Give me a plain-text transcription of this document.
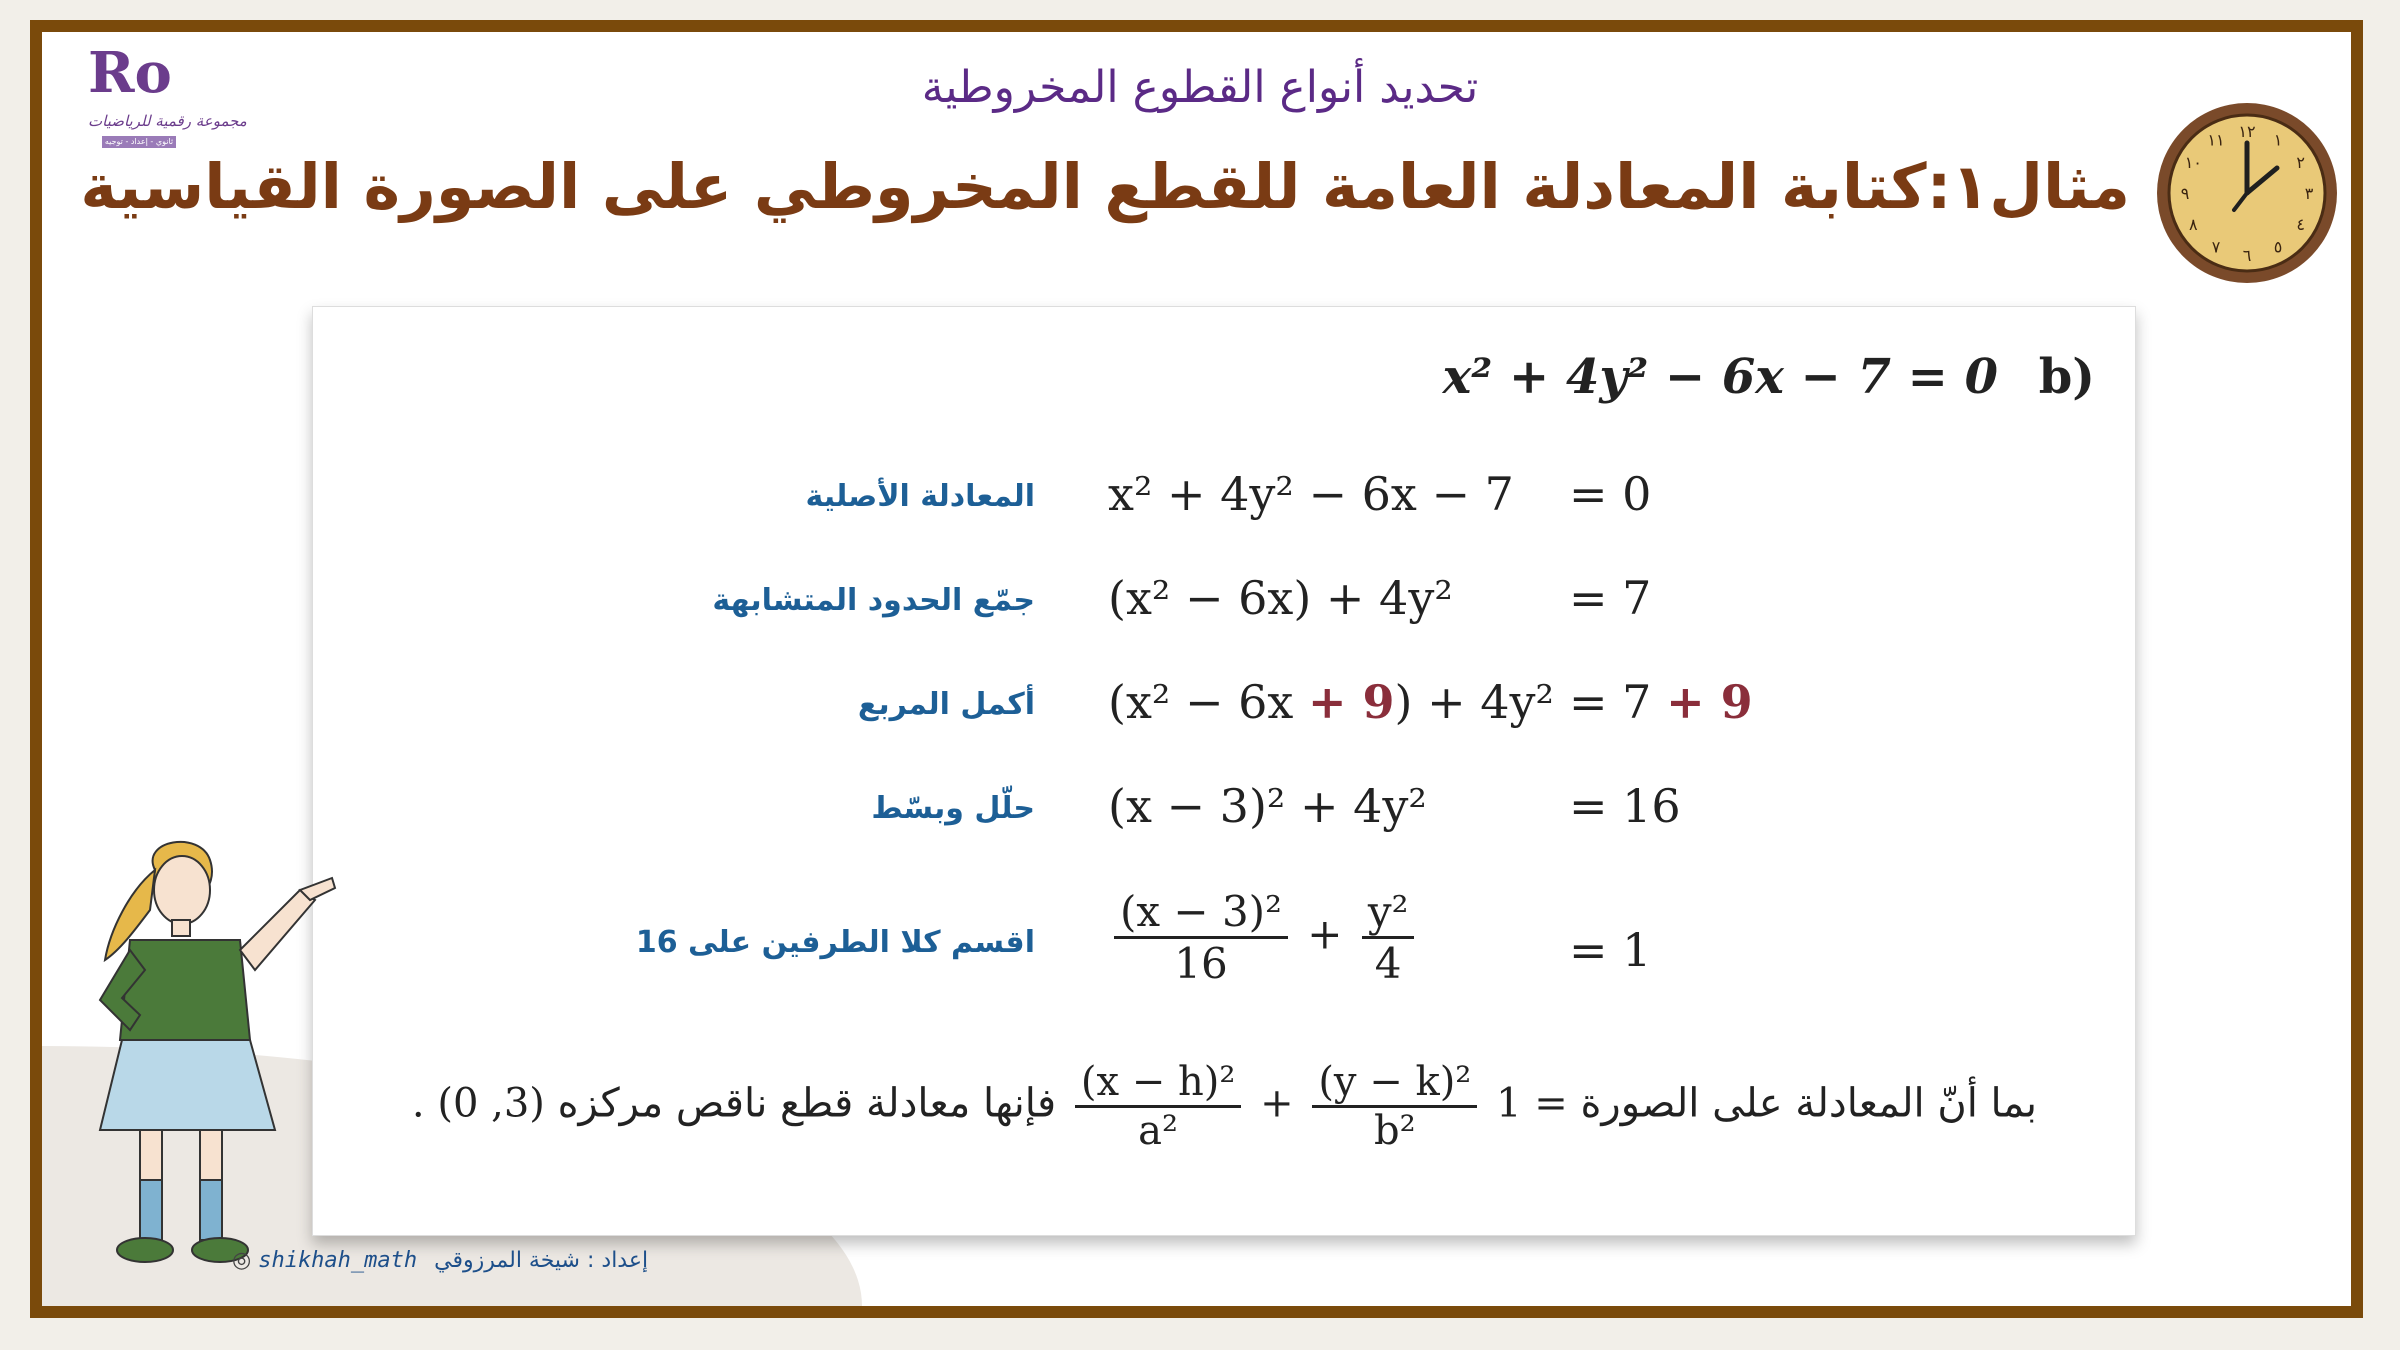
Ro
مجموعة رقمية للرياضيات
ثانوي - إعداد - توجيه
تحديد أنواع القطوع المخروطية
مثال١:كتابة المعادلة العامة للقطع المخروطي على الصورة القياسية
١٢ ١
٢
٣
٤
٥
٦
٧
٨
٩
١٠
١١
x² + 4y² − 6x − 7 = 0 b)
المعادلة الأصلية x² + 4y² − 6x − 7 = 0
جمّع الحدود المتشابهة (x² − 6x) + 4y²	= 7
أكمل المربع (x² − 6x + 9) + 4y² = 7 + 9
حلّل وبسّط (x − 3)² + 4y²	= 16
اقسم كلا الطرفين على $16 \frac{\text{(x − 3)²}}{16} + \frac{\text{y²}}{4}$	= 1
بما أنّ المعادلة على الصورة
$\frac{\text{(x − h)²}}{\text{a²}} + \frac{\text{(y − k)²}}{\text{b²}} 1$ = فإنها معادلة قطع ناقص مركزه (3, 0) .
◎ shikhah_math إعداد : شيخة المرزوقي
